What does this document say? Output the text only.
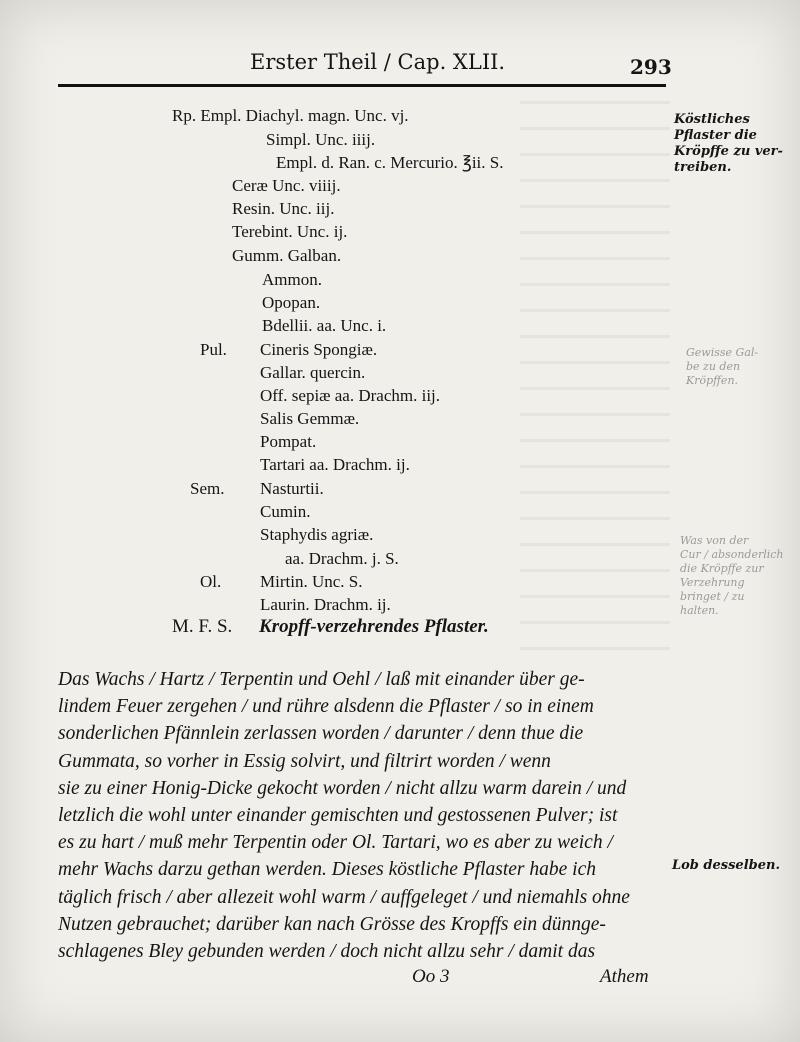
Erster Theil / Cap. XLII.	293
Rp. Empl. Diachyl. magn. Unc. vj.
Simpl. Unc. iiij.
Empl. d. Ran. c. Mercurio. ℥ii. S.
Ceræ Unc. viiij.
Resin. Unc. iij.
Terebint. Unc. ij.
Gumm. Galban.
Ammon.
Opopan.
Bdellii. aa. Unc. i.
Pul. Cineris Spongiæ.
Gallar. quercin.
Off. sepiæ aa. Drachm. iij.
Salis Gemmæ.
Pompat.
Tartari aa. Drachm. ij.
Sem. Nasturtii.
Cumin.
Staphydis agriæ.
aa. Drachm. j. S.
Ol. Mirtin. Unc. S.
Laurin. Drachm. ij.
M. F. S. Kropff-verzehrendes Pflaster.
Das Wachs / Hartz / Terpentin und Oehl / laß mit einander über ge-
lindem Feuer zergehen / und rühre alsdenn die Pflaster / so in einem
sonderlichen Pfännlein zerlassen worden / darunter / denn thue die
Gummata, so vorher in Essig solvirt, und filtrirt worden / wenn
sie zu einer Honig-Dicke gekocht worden / nicht allzu warm darein / und
letzlich die wohl unter einander gemischten und gestossenen Pulver; ist
es zu hart / muß mehr Terpentin oder Ol. Tartari, wo es aber zu weich /
mehr Wachs darzu gethan werden. Dieses köstliche Pflaster habe ich
täglich frisch / aber allezeit wohl warm / auffgeleget / und niemahls ohne
Nutzen gebrauchet; darüber kan nach Grösse des Kropffs ein dünnge-
schlagenes Bley gebunden werden / doch nicht allzu sehr / damit das
Köstliches
Pflaster die
Kröpffe zu ver-
treiben.
Gewisse Gal-
be zu den
Kröpffen.
Was von der
Cur / absonderlich
die Kröpffe zur
Verzehrung
bringet / zu
halten.
Lob desselben.
Oo 3	Athem
